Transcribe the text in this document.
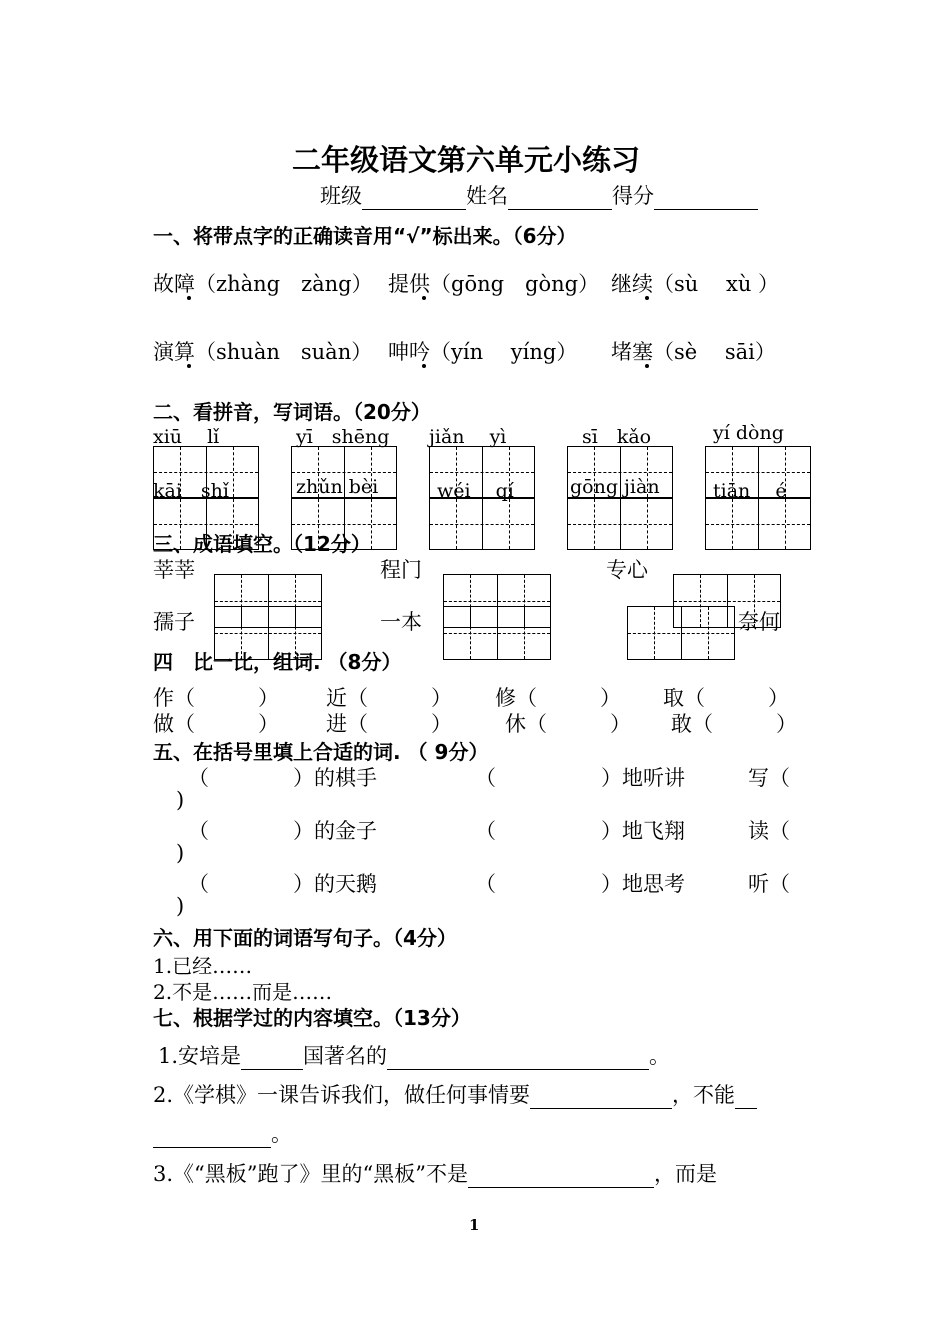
二年级语文第六单元小练习
班级	姓名	得分
一、将带点字的正确读音用“√”标出来。（6分）
故障（zhàng　zàng） 提供（gōng　gòng） 继续（sù　 xù ）
演算（shuàn　suàn） 呻吟（yín　 yíng） 堵塞（sè　 sāi）
二、看拼音，写词语。（20分）
xiū　 lǐ	yī　shēng jiǎn　 yì	sī　kǎo	yí dòng
kāi　shǐ	zhǔn bèi	wéi　 qí	gōng jiàn	tiān　 é
三、成语填空。（12分）
莘莘	程门	专心
孺子	一本	奈何
四　比一比，组词. （8分）
作（　　　） 近（　　　） 修（　　　） 取（　　　）
做（　　　） 进（　　　）	休（　　　） 敢（　　　）
五、在括号里填上合适的词. （ 9分）
（　　　　）的棋手	（　　　　　）地听讲	写（
)
（　　　　）的金子	（　　　　　）地飞翔	读（
)
（　　　　）的天鹅	（　　　　　）地思考	听（
)
六、用下面的词语写句子。（4分）
1.已经……
2.不是……而是……
七、根据学过的内容填空。（13分）
1.安培是	国著名的	。
2.《学棋》一课告诉我们，做任何事情要	，不能
。
3.《“黑板”跑了》里的“黑板”不是	，而是
1
